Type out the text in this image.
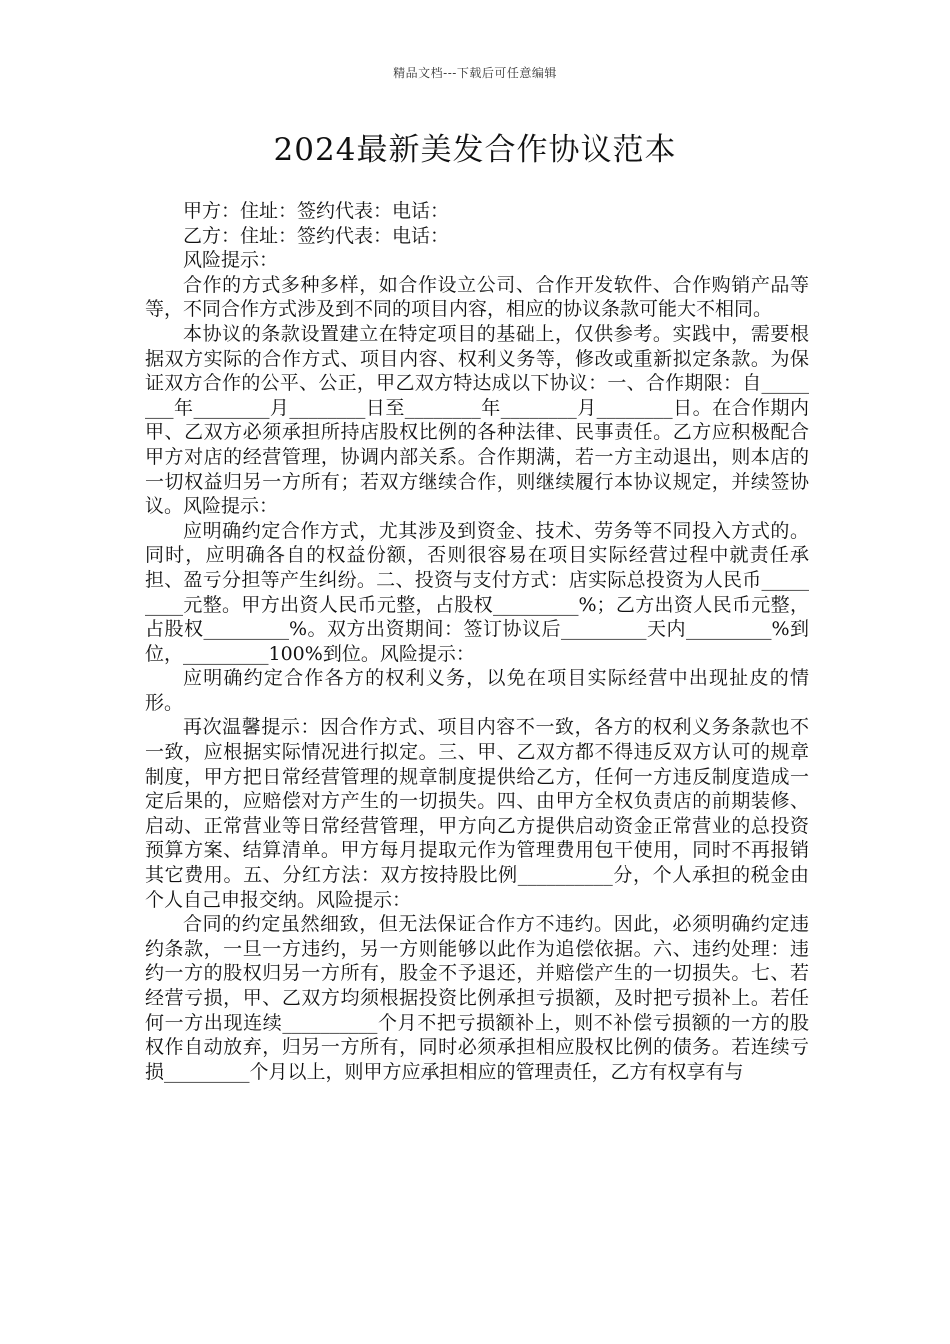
精品文档---下载后可任意编辑
2024最新美发合作协议范本

甲方：住址：签约代表：电话：

乙方：住址：签约代表：电话：

风险提示：

合作的方式多种多样，如合作设立公司、合作开发软件、合作购销产品等等，不同合作方式涉及到不同的项目内容，相应的协议条款可能大不相同。

本协议的条款设置建立在特定项目的基础上，仅供参考。实践中，需要根据双方实际的合作方式、项目内容、权利义务等，修改或重新拟定条款。为保证双方合作的公平、公正，甲乙双方特达成以下协议：一、合作期限：自________年________月________日至________年________月________日。在合作期内甲、乙双方必须承担所持店股权比例的各种法律、民事责任。乙方应积极配合甲方对店的经营管理，协调内部关系。合作期满，若一方主动退出，则本店的一切权益归另一方所有；若双方继续合作，则继续履行本协议规定，并续签协议。风险提示：

应明确约定合作方式，尤其涉及到资金、技术、劳务等不同投入方式的。同时，应明确各自的权益份额，否则很容易在项目实际经营过程中就责任承担、盈亏分担等产生纠纷。二、投资与支付方式：店实际总投资为人民币_________元整。甲方出资人民币元整，占股权_________%；乙方出资人民币元整，占股权_________%。双方出资期间：签订协议后_________天内_________%到位，_________100%到位。风险提示：

应明确约定合作各方的权利义务，以免在项目实际经营中出现扯皮的情形。

再次温馨提示：因合作方式、项目内容不一致，各方的权利义务条款也不一致，应根据实际情况进行拟定。三、甲、乙双方都不得违反双方认可的规章制度，甲方把日常经营管理的规章制度提供给乙方，任何一方违反制度造成一定后果的，应赔偿对方产生的一切损失。四、由甲方全权负责店的前期装修、启动、正常营业等日常经营管理，甲方向乙方提供启动资金正常营业的总投资预算方案、结算清单。甲方每月提取元作为管理费用包干使用，同时不再报销其它费用。五、分红方法：双方按持股比例__________分，个人承担的税金由个人自己申报交纳。风险提示：

合同的约定虽然细致，但无法保证合作方不违约。因此，必须明确约定违约条款，一旦一方违约，另一方则能够以此作为追偿依据。六、违约处理：违约一方的股权归另一方所有，股金不予退还，并赔偿产生的一切损失。七、若经营亏损，甲、乙双方均须根据投资比例承担亏损额，及时把亏损补上。若任何一方出现连续__________个月不把亏损额补上，则不补偿亏损额的一方的股权作自动放弃，归另一方所有，同时必须承担相应股权比例的债务。若连续亏损_________个月以上，则甲方应承担相应的管理责任，乙方有权享有与
